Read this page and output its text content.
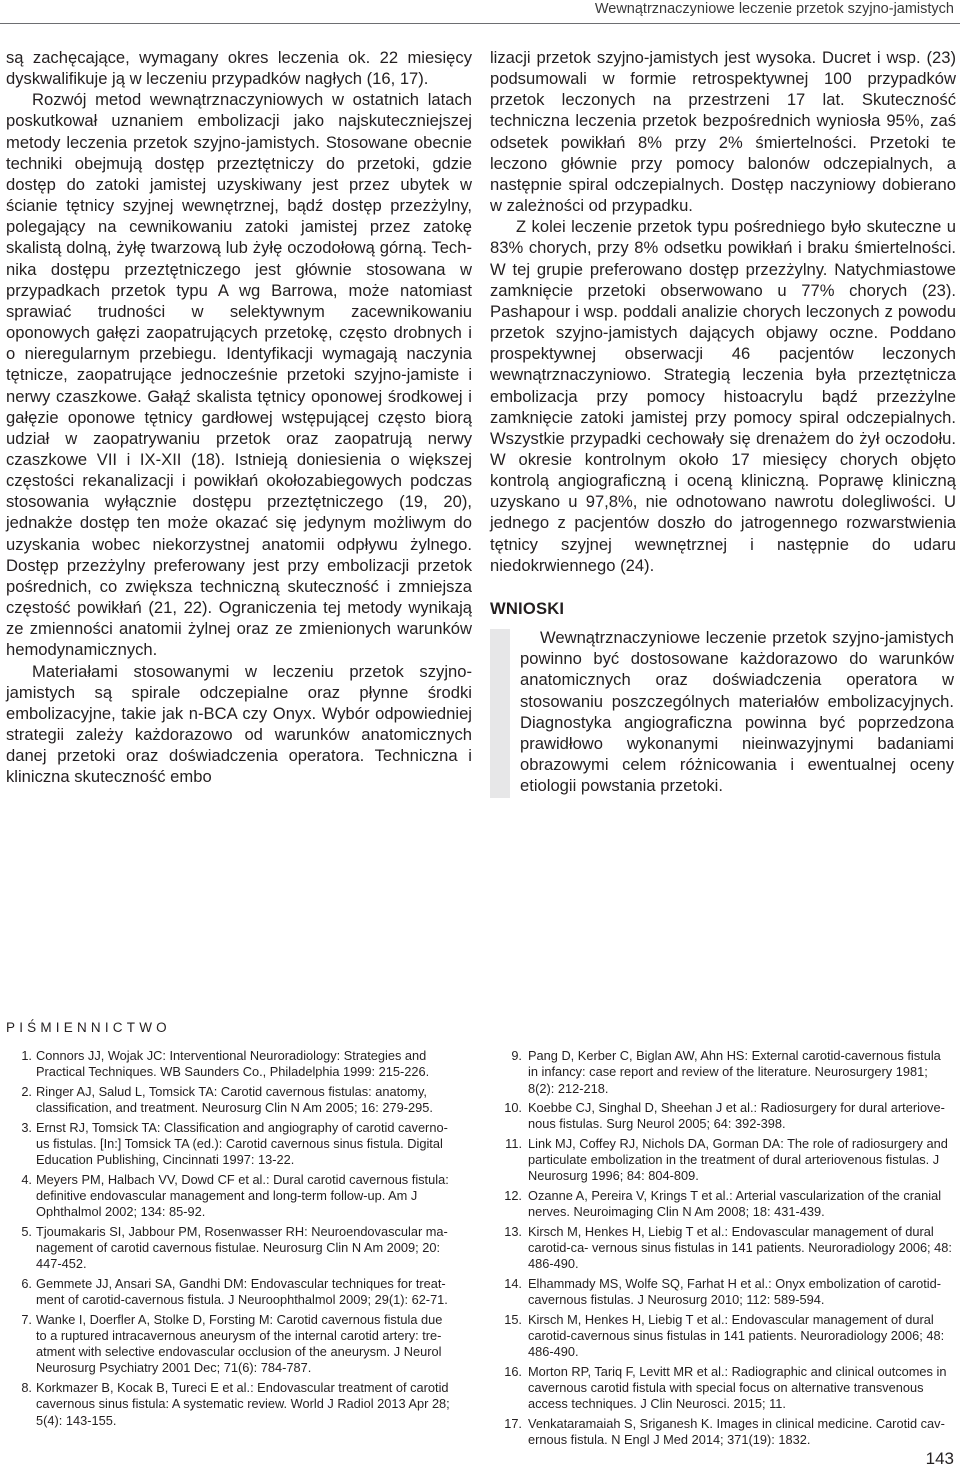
Wewnątrznaczyniowe leczenie przetok szyjno-jamistych

są zachęcające, wymagany okres leczenia ok. 22 miesięcy dyskwalifikuje ją w leczeniu przypadków nagłych (16, 17).

Rozwój metod wewnątrznaczyniowych w ostatnich latach poskutkował uznaniem embolizacji jako najskuteczniejszej metody leczenia przetok szyjno-jamistych. Stosowane obecnie techniki obejmują dostęp przeztętniczy do przetoki, gdzie dostęp do zatoki jamistej uzyskiwany jest przez ubytek w ścianie tętnicy szyjnej wewnętrznej, bądź dostęp przezżylny, polegający na cewnikowaniu zatoki jamistej przez zatokę skalistą dolną, żyłę twarzową lub żyłę oczodołową górną. Technika dostępu przeztętniczego jest głównie stosowana w przypadkach przetok typu A wg Barrowa, może natomiast sprawiać trudności w selektywnym zacewnikowaniu oponowych gałęzi zaopatrujących przetokę, często drobnych i o nieregularnym przebiegu. Identyfikacji wymagają naczynia tętnicze, zaopatrujące jednocześnie przetoki szyjno-jamiste i nerwy czaszkowe. Gałąź skalista tętnicy oponowej środkowej i gałęzie oponowe tętnicy gardłowej wstępującej często biorą udział w zaopatrywaniu przetok oraz zaopatrują nerwy czaszkowe VII i IX-XII (18). Istnieją doniesienia o większej częstości rekanalizacji i powikłań okołozabiegowych podczas stosowania wyłącznie dostępu przeztętniczego (19, 20), jednakże dostęp ten może okazać się jedynym możliwym do uzyskania wobec niekorzystnej anatomii odpływu żylnego. Dostęp przezżylny preferowany jest przy embolizacji przetok pośrednich, co zwiększa techniczną skuteczność i zmniejsza częstość powikłań (21, 22). Ograniczenia tej metody wynikają ze zmienności anatomii żylnej oraz ze zmienionych warunków hemodynamicznych.

Materiałami stosowanymi w leczeniu przetok szyjno-jamistych są spirale odczepialne oraz płynne środki embolizacyjne, takie jak n-BCA czy Onyx. Wybór odpowiedniej strategii zależy każdorazowo od warunków anatomicznych danej przetoki oraz doświadczenia operatora. Techniczna i kliniczna skuteczność embo

lizacji przetok szyjno-jamistych jest wysoka. Ducret i wsp. (23) podsumowali w formie retrospektywnej 100 przypadków przetok leczonych na przestrzeni 17 lat. Skuteczność techniczna leczenia przetok bezpośrednich wyniosła 95%, zaś odsetek powikłań 8% przy 2% śmiertelności. Przetoki te leczono głównie przy pomocy balonów odczepialnych, a następnie spiral odczepialnych. Dostęp naczyniowy dobierano w zależności od przypadku.

Z kolei leczenie przetok typu pośredniego było skuteczne u 83% chorych, przy 8% odsetku powikłań i braku śmiertelności. W tej grupie preferowano dostęp przezżylny. Natychmiastowe zamknięcie przetoki obserwowano u 77% chorych (23). Pashapour i wsp. poddali analizie chorych leczonych z powodu przetok szyjno-jamistych dających objawy oczne. Poddano prospektywnej obserwacji 46 pacjentów leczonych wewnątrznaczyniowo. Strategią leczenia była przeztętnicza embolizacja przy pomocy histoacrylu bądź przezżylne zamknięcie zatoki jamistej przy pomocy spiral odczepialnych. Wszystkie przypadki cechowały się drenażem do żył oczodołu. W okresie kontrolnym około 17 miesięcy chorych objęto kontrolą angiograficzną i oceną kliniczną. Poprawę kliniczną uzyskano u 97,8%, nie odnotowano nawrotu dolegliwości. U jednego z pacjentów doszło do jatrogennego rozwarstwienia tętnicy szyjnej wewnętrznej i następnie do udaru niedokrwiennego (24).

WNIOSKI

Wewnątrznaczyniowe leczenie przetok szyjno-jamistych powinno być dostosowane każdorazowo do warunków anatomicznych oraz doświadczenia operatora w stosowaniu poszczególnych materiałów embolizacyjnych. Diagnostyka angiograficzna powinna być poprzedzona prawidłowo wykonanymi nieinwazyjnymi badaniami obrazowymi celem różnicowania i ewentualnej oceny etiologii powstania przetoki.

PIŚMIENNICTWO
1. Connors JJ, Wojak JC: Interventional Neuroradiology: Strategies and Practical Techniques. WB Saunders Co., Philadelphia 1999: 215-226.
2. Ringer AJ, Salud L, Tomsick TA: Carotid cavernous fistulas: anatomy, classification, and treatment. Neurosurg Clin N Am 2005; 16: 279-295.
3. Ernst RJ, Tomsick TA: Classification and angiography of carotid cavernous fistulas. [In:] Tomsick TA (ed.): Carotid cavernous sinus fistula. Digital Education Publishing, Cincinnati 1997: 13-22.
4. Meyers PM, Halbach VV, Dowd CF et al.: Dural carotid cavernous fistula: definitive endovascular management and long-term follow-up. Am J Ophthalmol 2002; 134: 85-92.
5. Tjoumakaris SI, Jabbour PM, Rosenwasser RH: Neuroendovascular management of carotid cavernous fistulae. Neurosurg Clin N Am 2009; 20: 447-452.
6. Gemmete JJ, Ansari SA, Gandhi DM: Endovascular techniques for treatment of carotid-cavernous fistula. J Neuroophthalmol 2009; 29(1): 62-71.
7. Wanke I, Doerfler A, Stolke D, Forsting M: Carotid cavernous fistula due to a ruptured intracavernous aneurysm of the internal carotid artery: treatment with selective endovascular occlusion of the aneurysm. J Neurol Neurosurg Psychiatry 2001 Dec; 71(6): 784-787.
8. Korkmazer B, Kocak B, Tureci E et al.: Endovascular treatment of carotid cavernous sinus fistula: A systematic review. World J Radiol 2013 Apr 28; 5(4): 143-155.
9. Pang D, Kerber C, Biglan AW, Ahn HS: External carotid-cavernous fistula in infancy: case report and review of the literature. Neurosurgery 1981; 8(2): 212-218.
10. Koebbe CJ, Singhal D, Sheehan J et al.: Radiosurgery for dural arteriovenous fistulas. Surg Neurol 2005; 64: 392-398.
11. Link MJ, Coffey RJ, Nichols DA, Gorman DA: The role of radiosurgery and particulate embolization in the treatment of dural arteriovenous fistulas. J Neurosurg 1996; 84: 804-809.
12. Ozanne A, Pereira V, Krings T et al.: Arterial vascularization of the cranial nerves. Neuroimaging Clin N Am 2008; 18: 431-439.
13. Kirsch M, Henkes H, Liebig T et al.: Endovascular management of dural carotid-ca- vernous sinus fistulas in 141 patients. Neuroradiology 2006; 48: 486-490.
14. Elhammady MS, Wolfe SQ, Farhat H et al.: Onyx embolization of carotid-cavernous fistulas. J Neurosurg 2010; 112: 589-594.
15. Kirsch M, Henkes H, Liebig T et al.: Endovascular management of dural carotid-cavernous sinus fistulas in 141 patients. Neuroradiology 2006; 48: 486-490.
16. Morton RP, Tariq F, Levitt MR et al.: Radiographic and clinical outcomes in cavernous carotid fistula with special focus on alternative transvenous access techniques. J Clin Neurosci. 2015; 11.
17. Venkataramaiah S, Sriganesh K. Images in clinical medicine. Carotid cavernous fistula. N Engl J Med 2014; 371(19): 1832.
143
